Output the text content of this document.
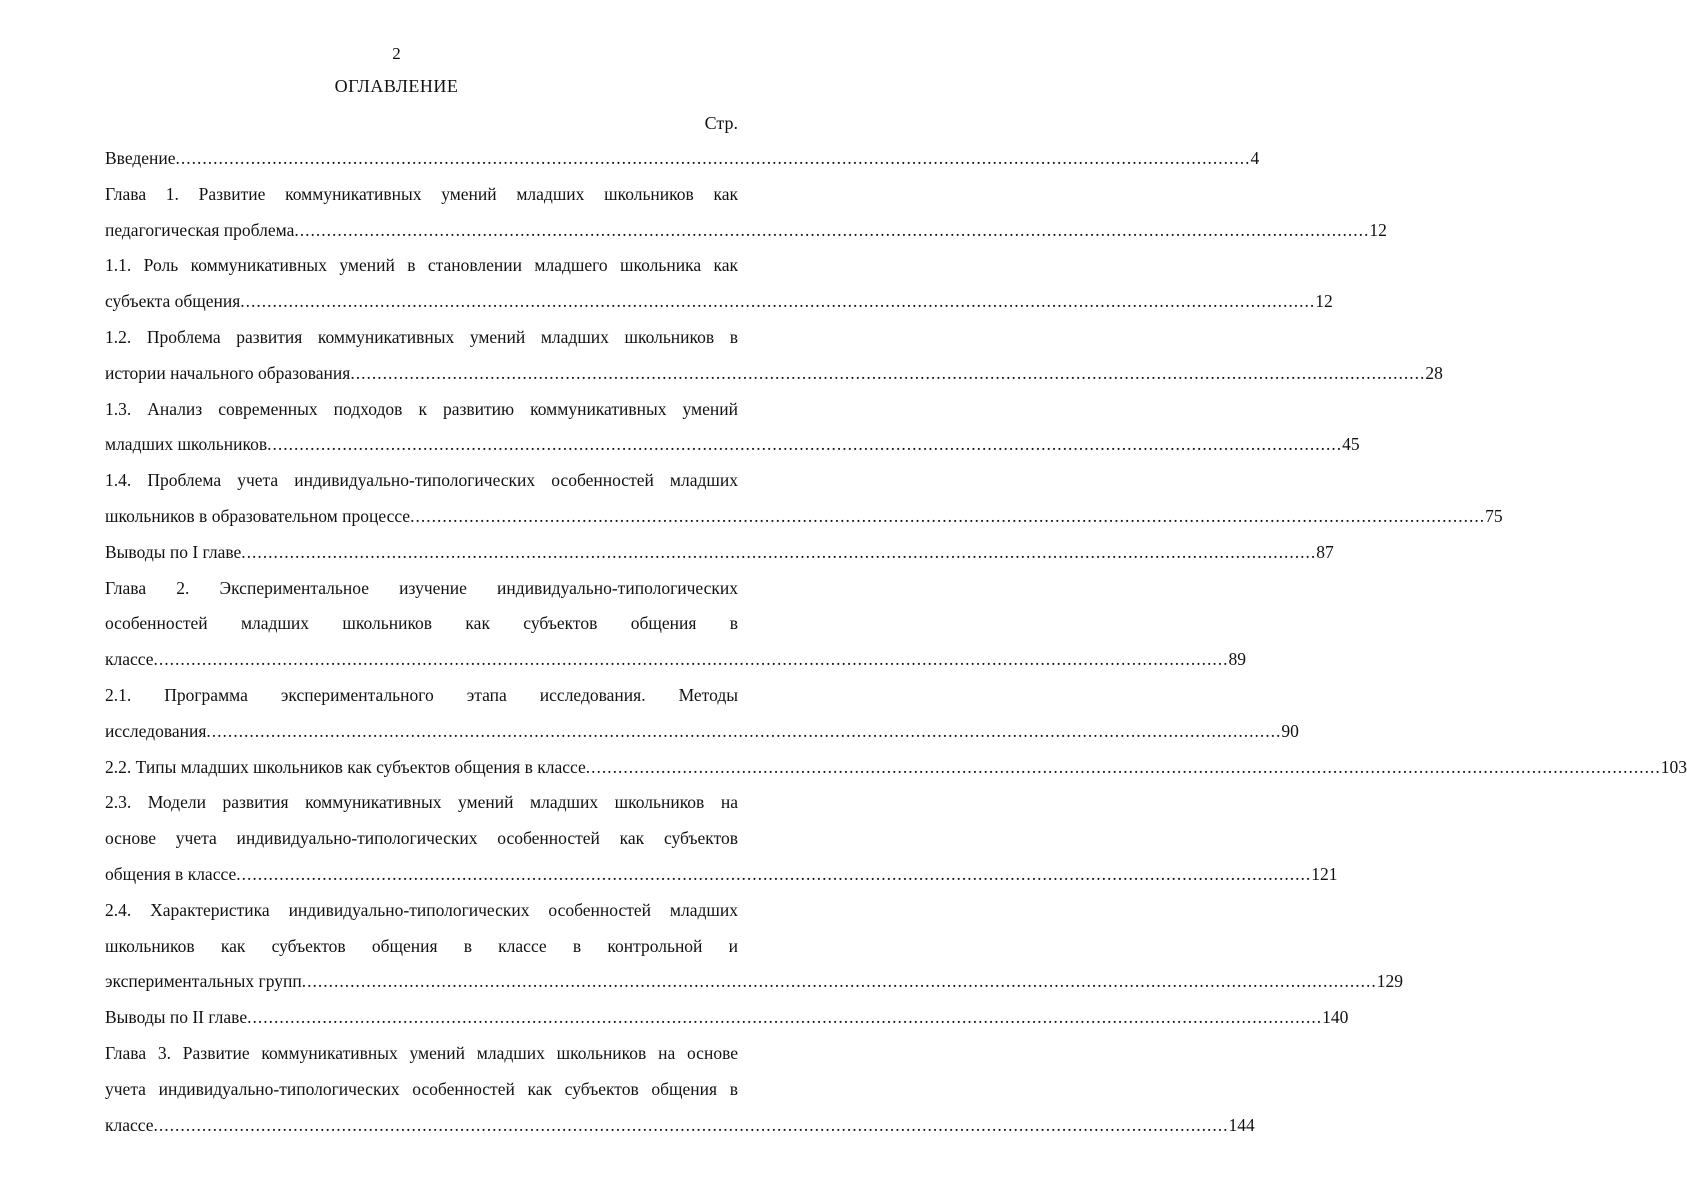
2
ОГЛАВЛЕНИЕ
Стр.
Введение ........................................................................................................................................................................................................ 4
Глава 1. Развитие коммуникативных умений младших школьников как
педагогическая проблема ........................................................................................................................................................................................................ 12
1.1. Роль коммуникативных умений в становлении младшего школьника как
субъекта общения ........................................................................................................................................................................................................ 12
1.2. Проблема развития коммуникативных умений младших школьников в
истории начального образования ........................................................................................................................................................................................................ 28
1.3. Анализ современных подходов к развитию коммуникативных умений
младших школьников ........................................................................................................................................................................................................ 45
1.4. Проблема учета индивидуально-типологических особенностей младших
школьников в образовательном процессе ........................................................................................................................................................................................................ 75
Выводы по I главе ........................................................................................................................................................................................................ 87
Глава 2. Экспериментальное изучение индивидуально-типологических
особенностей младших школьников как субъектов общения в
классе ........................................................................................................................................................................................................ 89
2.1. Программа экспериментального этапа исследования. Методы
исследования ........................................................................................................................................................................................................ 90
2.2. Типы младших школьников как субъектов общения в классе ........................................................................................................................................................................................................ 103
2.3. Модели развития коммуникативных умений младших школьников на
основе учета индивидуально-типологических особенностей как субъектов
общения в классе ........................................................................................................................................................................................................ 121
2.4. Характеристика индивидуально-типологических особенностей младших
школьников как субъектов общения в классе в контрольной и
экспериментальных групп ........................................................................................................................................................................................................ 129
Выводы по II главе ........................................................................................................................................................................................................ 140
Глава 3. Развитие коммуникативных умений младших школьников на основе
учета индивидуально-типологических особенностей как субъектов общения в
классе ........................................................................................................................................................................................................ 144
